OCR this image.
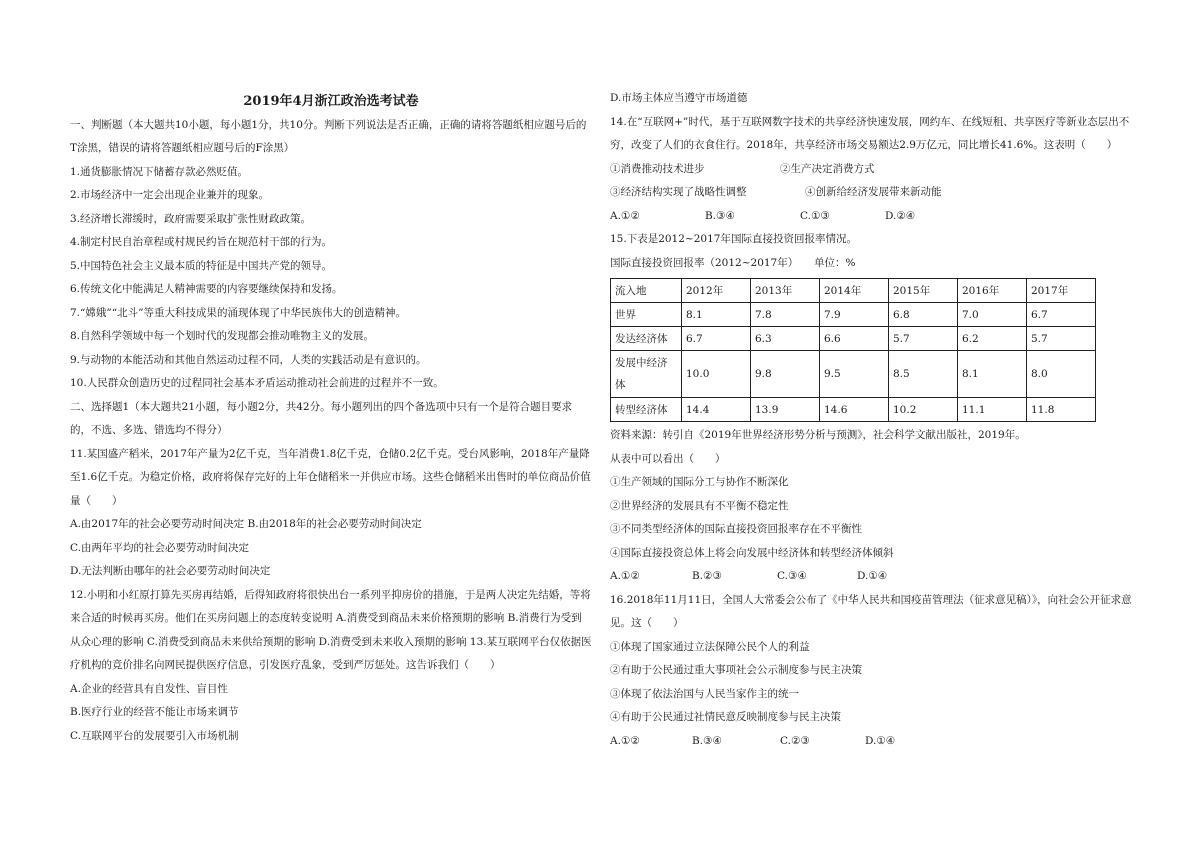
2019年4月浙江政治选考试卷
一、判断题（本大题共10小题，每小题1分，共10分。判断下列说法是否正确，正确的请将答题纸相应题号后的T涂黑，错误的请将答题纸相应题号后的F涂黑）
1.通货膨胀情况下储蓄存款必然贬值。
2.市场经济中一定会出现企业兼并的现象。
3.经济增长滞缓时，政府需要采取扩张性财政政策。
4.制定村民自治章程或村规民约旨在规范村干部的行为。
5.中国特色社会主义最本质的特征是中国共产党的领导。
6.传统文化中能满足人精神需要的内容要继续保持和发扬。
7.“嫦娥”“北斗”等重大科技成果的涌现体现了中华民族伟大的创造精神。
8.自然科学领域中每一个划时代的发现都会推动唯物主义的发展。
9.与动物的本能活动和其他自然运动过程不同，人类的实践活动是有意识的。
10.人民群众创造历史的过程同社会基本矛盾运动推动社会前进的过程并不一致。
二、选择题1（本大题共21小题，每小题2分，共42分。每小题列出的四个备选项中只有一个是符合题目要求的，不选、多选、错选均不得分）
11.某国盛产稻米，2017年产量为2亿千克，当年消费1.8亿千克，仓储0.2亿千克。受台风影响，2018年产量降至1.6亿千克。为稳定价格，政府将保存完好的上年仓储稻米一并供应市场。这些仓储稻米出售时的单位商品价值量（　　）
A.由2017年的社会必要劳动时间决定 B.由2018年的社会必要劳动时间决定
C.由两年平均的社会必要劳动时间决定
D.无法判断由哪年的社会必要劳动时间决定
12.小明和小红原打算先买房再结婚，后得知政府将很快出台一系列平抑房价的措施，于是两人决定先结婚，等将来合适的时候再买房。他们在买房问题上的态度转变说明 A.消费受到商品未来价格预期的影响 B.消费行为受到从众心理的影响 C.消费受到商品未来供给预期的影响 D.消费受到未来收入预期的影响 13.某互联网平台仅依据医疗机构的竞价排名向网民提供医疗信息，引发医疗乱象，受到严厉惩处。这告诉我们（　　）
A.企业的经营具有自发性、盲目性
B.医疗行业的经营不能让市场来调节
C.互联网平台的发展要引入市场机制
D.市场主体应当遵守市场道德
14.在“互联网+”时代，基于互联网数字技术的共享经济快速发展，网约车、在线短租、共享医疗等新业态层出不穷，改变了人们的衣食住行。2018年，共享经济市场交易额达2.9万亿元，同比增长41.6%。这表明（　　）
①消费推动技术进步	②生产决定消费方式
③经济结构实现了战略性调整	④创新给经济发展带来新动能
A.①②	B.③④	C.①③	D.②④
15.下表是2012~2017年国际直接投资回报率情况。
国际直接投资回报率（2012~2017年）　　单位：%
流入地	2012年	2013年	2014年	2015年	2016年	2017年
世界	8.1	7.8	7.9	6.8	7.0	6.7
发达经济体	6.7	6.3	6.6	5.7	6.2	5.7
发展中经济体	10.0	9.8	9.5	8.5	8.1	8.0
转型经济体	14.4	13.9	14.6	10.2	11.1	11.8
资料来源：转引自《2019年世界经济形势分析与预测》，社会科学文献出版社，2019年。
从表中可以看出（　　）
①生产领域的国际分工与协作不断深化
②世界经济的发展具有不平衡不稳定性
③不同类型经济体的国际直接投资回报率存在不平衡性
④国际直接投资总体上将会向发展中经济体和转型经济体倾斜
A.①②	B.②③	C.③④	D.①④
16.2018年11月11日，全国人大常委会公布了《中华人民共和国疫苗管理法（征求意见稿）》，向社会公开征求意见。这（　　）
①体现了国家通过立法保障公民个人的利益
②有助于公民通过重大事项社会公示制度参与民主决策
③体现了依法治国与人民当家作主的统一
④有助于公民通过社情民意反映制度参与民主决策
A.①②	B.③④	C.②③	D.①④
